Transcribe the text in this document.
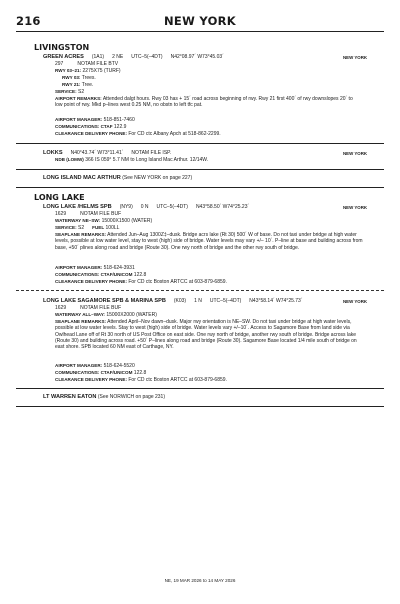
216	NEW YORK
LIVINGSTON
GREEN ACRES (1A1) 2 NE UTC–5(–4DT) N42°08.97´ W73°45.03´	NEW YORK
297	NOTAM FILE BTV
RWY 03–21: 2275X75 (TURF)
RWY 03: Trees.
RWY 21: Tree.
SERVICE: S2
AIRPORT REMARKS: Attended dalgt hours. Rwy 03 has + 15´ road across beginning of rwy. Rwy 21 first 400´ of rwy downslopes 20´ to low point of rwy. Mkd p–lines west 0.25 NM, no obstn to left tfc pat.
AIRPORT MANAGER: 518-851-7460
COMMUNICATIONS: CTAF 122.9
CLEARANCE DELIVERY PHONE: For CD ctc Albany Apch at 518-862-2299.
LOKKS N40°43.74´ W73°11.41´ NOTAM FILE ISP.	NEW YORK
NDB (LOMW) 366 IS 059° 5.7 NM to Long Island Mac Arthur. 12/14W.
LONG ISLAND MAC ARTHUR (See NEW YORK on page 227)
LONG LAKE
LONG LAKE /HELMS SPB (NY9) 0 N UTC–5(–4DT) N43°58.50´ W74°25.23´	NEW YORK
1629	NOTAM FILE BUF
WATERWAY NE–SW: 15000X1500 (WATER)
SERVICE: S2 FUEL 100LL
SEAPLANE REMARKS: Attended Jun–Aug 1300Z‡–dusk. Bridge acrs lake (Rt 30) 500´ W of base. Do not taxi under bridge at high water levels, possible at low water level, stay to west (high) side of bridge. Water levels may vary +/– 10´. P–line at base and building across from base, +50´ plines along road and bridge (Route 30). One rwy north of bridge and the other rwy south of bridge.
AIRPORT MANAGER: 518-624-3931
COMMUNICATIONS: CTAF/UNICOM 122.8
CLEARANCE DELIVERY PHONE: For CD ctc Boston ARTCC at 603-879-6859.
LONG LAKE SAGAMORE SPB & MARINA SPB (K03) 1 N UTC–5(–4DT) N43°58.14´ W74°25.73´	NEW YORK
1629	NOTAM FILE BUF
WATERWAY ALL–WAY: 15000X2000 (WATER)
SEAPLANE REMARKS: Attended April–Nov dawn–dusk. Major rwy orientation is NE–SW. Do not taxi under bridge at high water levels, possible at low water levels. Stay to west (high) side of bridge. Water levels vary +/–10´. Access to Sagamore Base from land side via Owlhead Lane off of Rt 30 north of US Post Office on east side. One rwy north of bridge, another rwy south of bridge. Bridge across lake (Route 30) and building across road. +50´ P–lines along road and bridge (Route 30). Sagamore Base located 1/4 mile south of bridge on east shore. SPB located 60 NM east of Carthage, NY.
AIRPORT MANAGER: 518-624-5520
COMMUNICATIONS: CTAF/UNICOM 122.8
CLEARANCE DELIVERY PHONE: For CD ctc Boston ARTCC at 603-879-6859.
LT WARREN EATON (See NORWICH on page 231)
NE, 19 MAR 2026 to 14 MAY 2026
